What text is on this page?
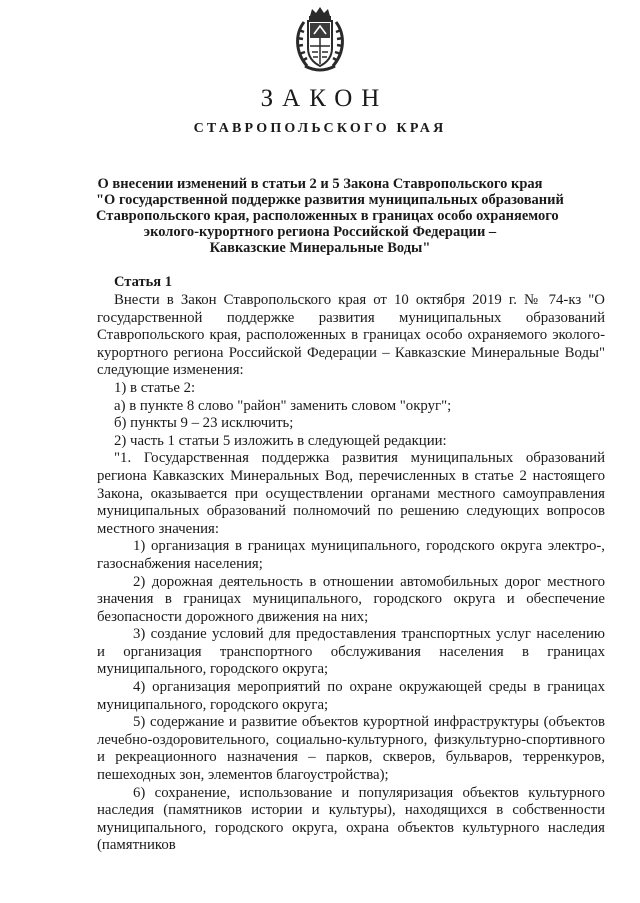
ЗАКОН
СТАВРОПОЛЬСКОГО КРАЯ
О внесении изменений в статьи 2 и 5 Закона Ставропольского края
"О государственной поддержке развития муниципальных образований
Ставропольского края, расположенных в границах особо охраняемого
эколого-курортного региона Российской Федерации –
Кавказские Минеральные Воды"
Статья 1

Внести в Закон Ставропольского края от 10 октября 2019 г. № 74-кз "О государственной поддержке развития муниципальных образований Ставропольского края, расположенных в границах особо охраняемого эколого-курортного региона Российской Федерации – Кавказские Минеральные Воды" следующие изменения:

1) в статье 2:

а) в пункте 8 слово "район" заменить словом "округ";

б) пункты 9 – 23 исключить;

2) часть 1 статьи 5 изложить в следующей редакции:

"1. Государственная поддержка развития муниципальных образований региона Кавказских Минеральных Вод, перечисленных в статье 2 настоящего Закона, оказывается при осуществлении органами местного самоуправления муниципальных образований полномочий по решению следующих вопросов местного значения:

1) организация в границах муниципального, городского округа электро-, газоснабжения населения;

2) дорожная деятельность в отношении автомобильных дорог местного значения в границах муниципального, городского округа и обеспечение безопасности дорожного движения на них;

3) создание условий для предоставления транспортных услуг населению и организация транспортного обслуживания населения в границах муниципального, городского округа;

4) организация мероприятий по охране окружающей среды в границах муниципального, городского округа;

5) содержание и развитие объектов курортной инфраструктуры (объектов лечебно-оздоровительного, социально-культурного, физкультурно-спортивного и рекреационного назначения – парков, скверов, бульваров, терренкуров, пешеходных зон, элементов благоустройства);

6) сохранение, использование и популяризация объектов культурного наследия (памятников истории и культуры), находящихся в собственности муниципального, городского округа, охрана объектов культурного наследия (памятников
